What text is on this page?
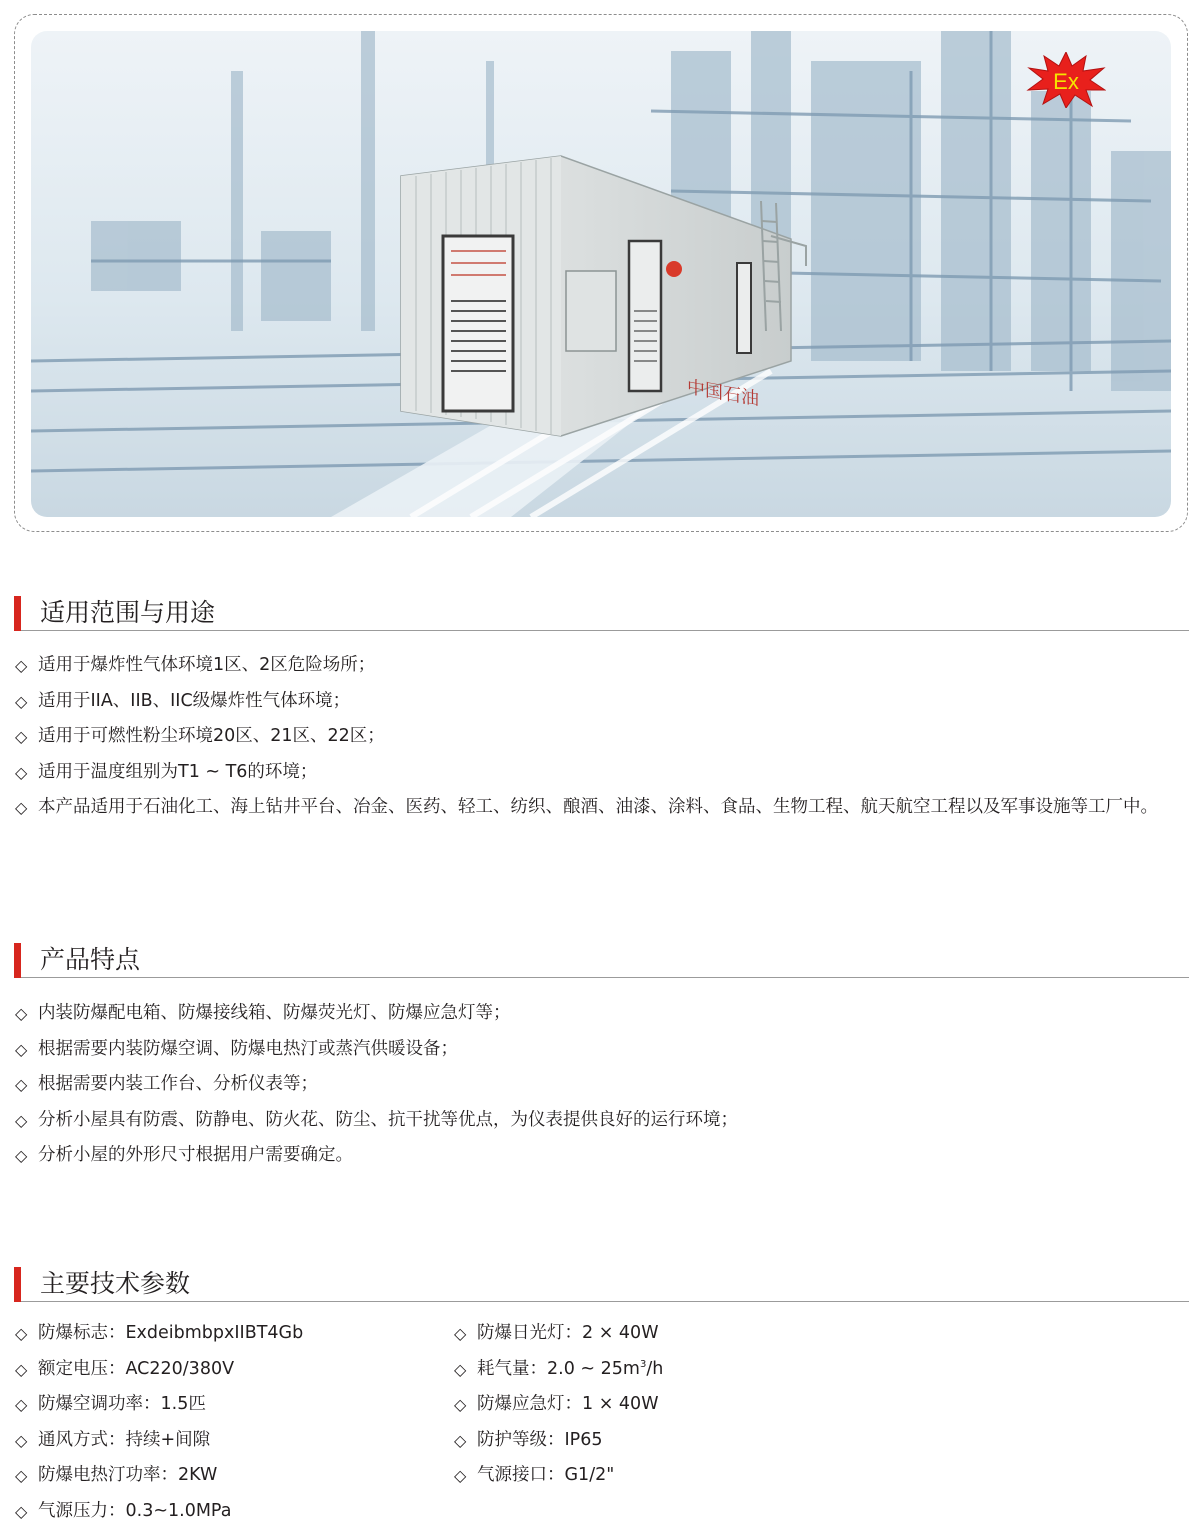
中国石油
Ex
适用范围与用途
◇ 适用于爆炸性气体环境1区、2区危险场所；
◇ 适用于IIA、IIB、IIC级爆炸性气体环境；
◇ 适用于可燃性粉尘环境20区、21区、22区；
◇ 适用于温度组别为T1 ~ T6的环境；
◇ 本产品适用于石油化工、海上钻井平台、冶金、医药、轻工、纺织、酿酒、油漆、涂料、食品、生物工程、航天航空工程以及军事设施等工厂中。
产品特点
◇ 内装防爆配电箱、防爆接线箱、防爆荧光灯、防爆应急灯等；
◇ 根据需要内装防爆空调、防爆电热汀或蒸汽供暖设备；
◇ 根据需要内装工作台、分析仪表等；
◇ 分析小屋具有防震、防静电、防火花、防尘、抗干扰等优点，为仪表提供良好的运行环境；
◇ 分析小屋的外形尺寸根据用户需要确定。
主要技术参数
◇ 防爆标志：ExdeibmbpxIIBT4Gb
◇ 额定电压：AC220/380V
◇ 防爆空调功率：1.5匹
◇ 通风方式：持续+间隙
◇ 防爆电热汀功率：2KW
◇ 气源压力：0.3~1.0MPa
◇ 防爆日光灯：2 × 40W
◇ 耗气量：2.0 ~ $25m^3/h$
◇ 防爆应急灯：1 × 40W
◇ 防护等级：IP65
◇ 气源接口：G1/2"
